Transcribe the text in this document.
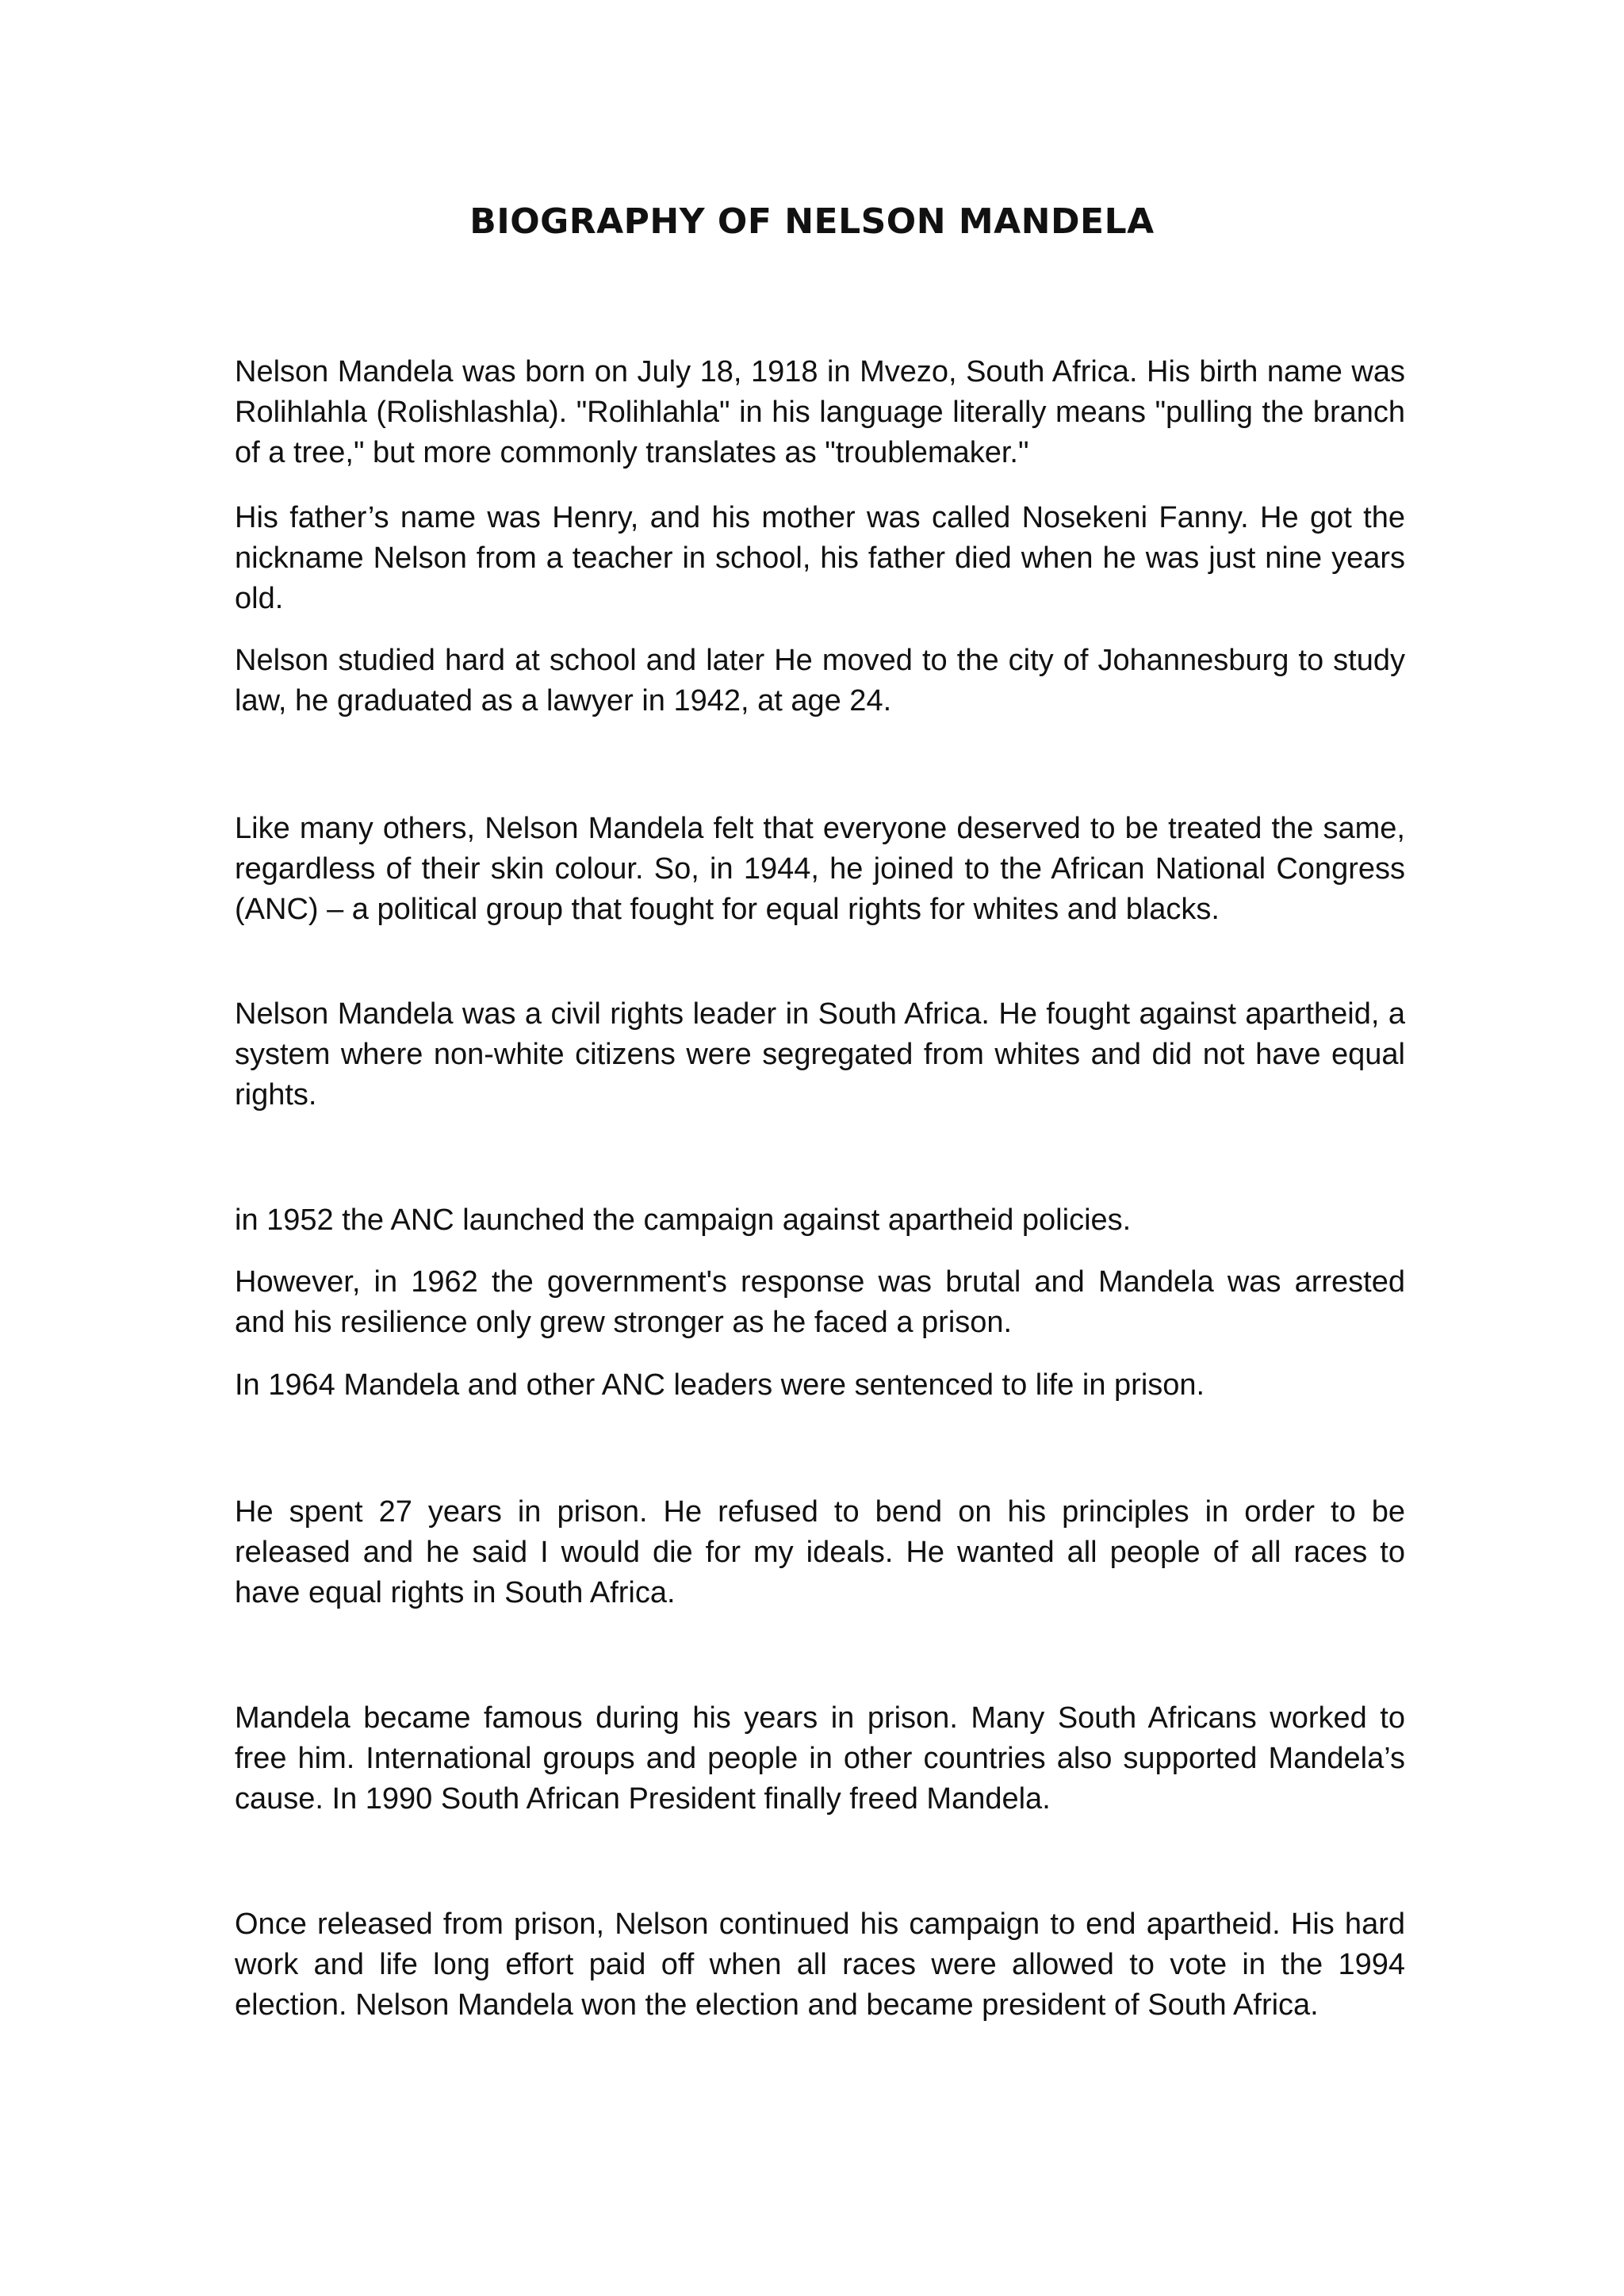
BIOGRAPHY OF NELSON MANDELA

Nelson Mandela was born on July 18, 1918 in Mvezo, South Africa. His birth name was Rolihlahla (Rolishlashla). "Rolihlahla" in his language literally means "pulling the branch of a tree," but more commonly translates as "troublemaker."

His father’s name was Henry, and his mother was called Nosekeni Fanny. He got the nickname Nelson from a teacher in school, his father died when he was just nine years old.

Nelson studied hard at school and later He moved to the city of Johannesburg to study law, he graduated as a lawyer in 1942, at age 24.

Like many others, Nelson Mandela felt that everyone deserved to be treated the same, regardless of their skin colour. So, in 1944, he joined to the African National Congress (ANC) – a political group that fought for equal rights for whites and blacks.

Nelson Mandela was a civil rights leader in South Africa. He fought against apartheid, a system where non-white citizens were segregated from whites and did not have equal rights.

in 1952 the ANC launched the campaign against apartheid policies.

However, in 1962 the government's response was brutal and Mandela was arrested and his resilience only grew stronger as he faced a prison.

In 1964 Mandela and other ANC leaders were sentenced to life in prison.

He spent 27 years in prison. He refused to bend on his principles in order to be released and he said I would die for my ideals. He wanted all people of all races to have equal rights in South Africa.

Mandela became famous during his years in prison. Many South Africans worked to free him. International groups and people in other countries also supported Mandela’s cause. In 1990 South African President finally freed Mandela.

Once released from prison, Nelson continued his campaign to end apartheid. His hard work and life long effort paid off when all races were allowed to vote in the 1994 election. Nelson Mandela won the election and became president of South Africa.
